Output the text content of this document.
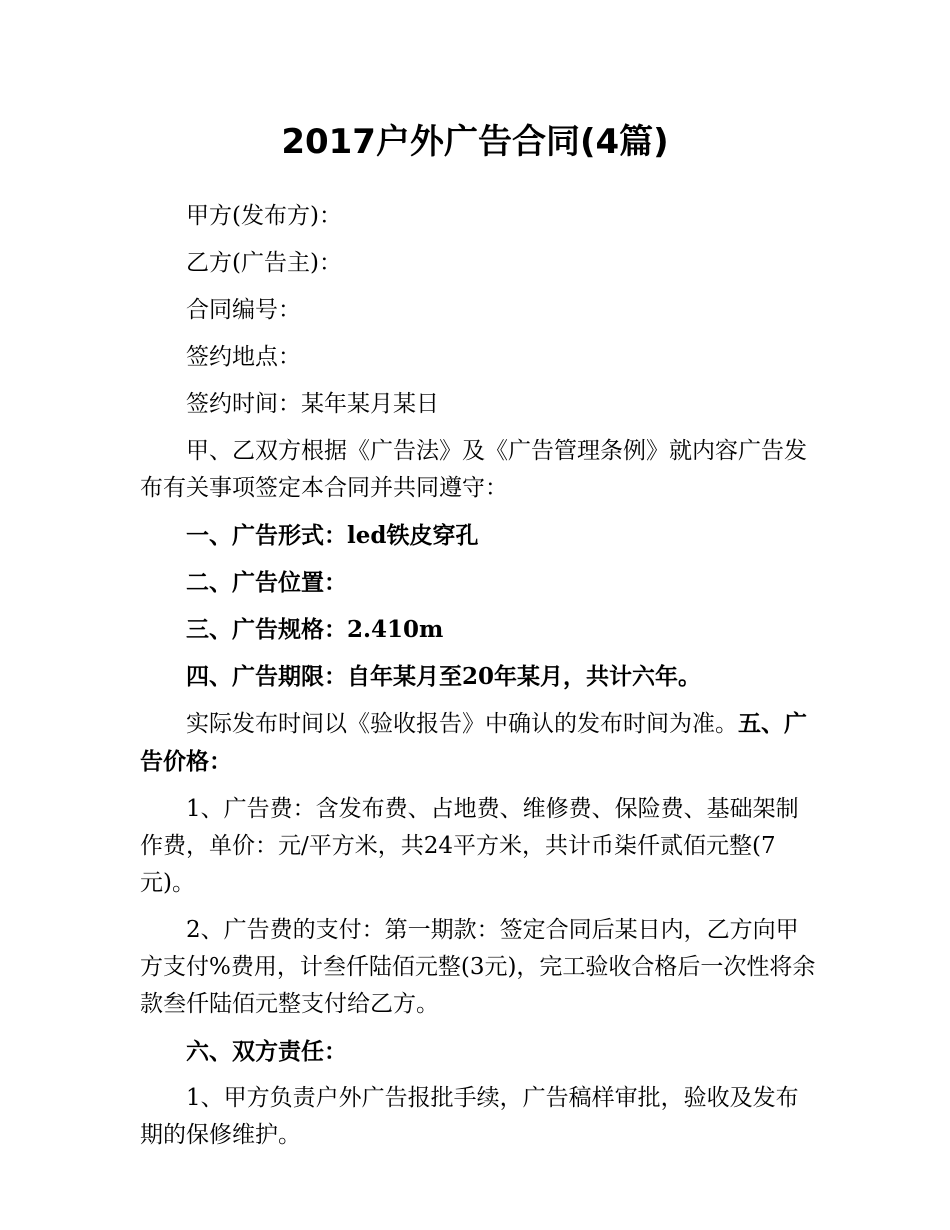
2017户外广告合同(4篇)

甲方(发布方)：

乙方(广告主)：

合同编号：

签约地点：

签约时间：某年某月某日

甲、乙双方根据《广告法》及《广告管理条例》就内容广告发布有关事项签定本合同并共同遵守：

一、广告形式：led铁皮穿孔

二、广告位置：

三、广告规格：2.410m

四、广告期限：自年某月至20年某月，共计六年。

实际发布时间以《验收报告》中确认的发布时间为准。五、广告价格：

1、广告费：含发布费、占地费、维修费、保险费、基础架制作费，单价：元/平方米，共24平方米，共计币柒仟贰佰元整(7元)。

2、广告费的支付：第一期款：签定合同后某日内，乙方向甲方支付%费用，计叁仟陆佰元整(3元)，完工验收合格后一次性将余款叁仟陆佰元整支付给乙方。

六、双方责任：

1、甲方负责户外广告报批手续，广告稿样审批，验收及发布期的保修维护。
